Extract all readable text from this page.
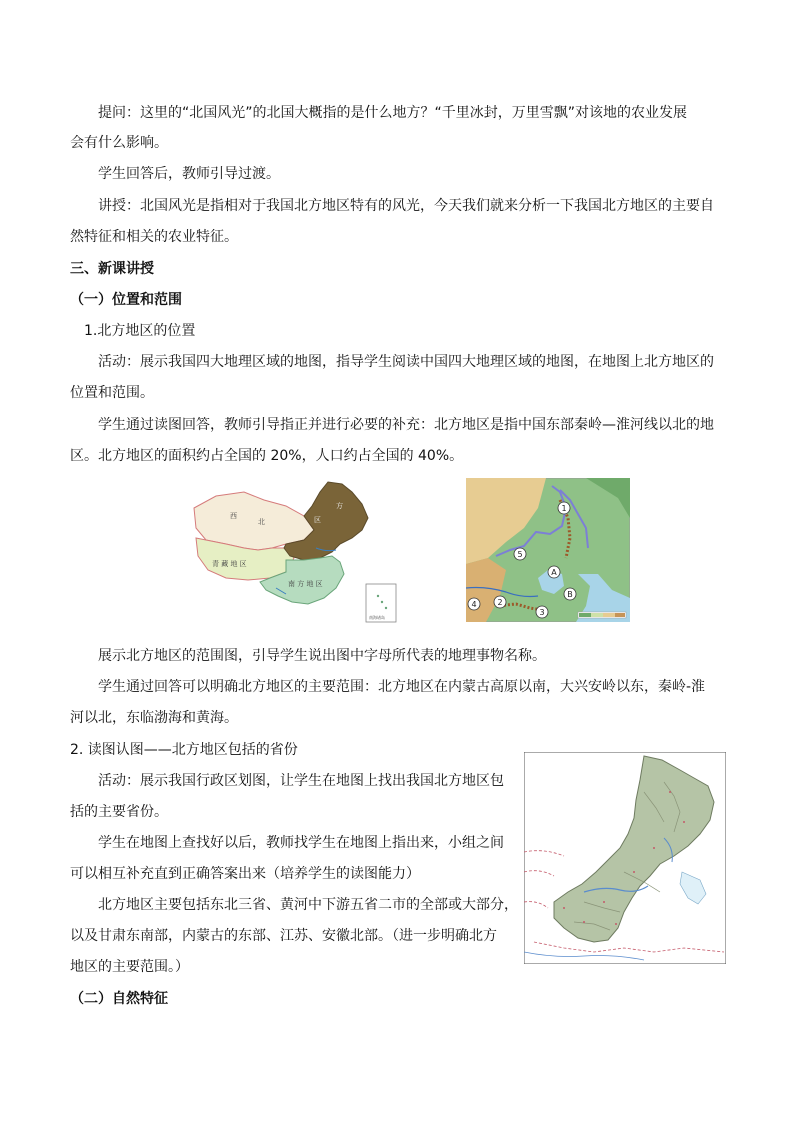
提问：这里的“北国风光”的北国大概指的是什么地方？“千里冰封，万里雪飘”对该地的农业发展
会有什么影响。
学生回答后，教师引导过渡。
讲授：北国风光是指相对于我国北方地区特有的风光，今天我们就来分析一下我国北方地区的主要自
然特征和相关的农业特征。
三、新课讲授
（一）位置和范围
1.北方地区的位置
活动：展示我国四大地理区域的地图，指导学生阅读中国四大地理区域的地图，在地图上北方地区的
位置和范围。
学生通过读图回答，教师引导指正并进行必要的补充：北方地区是指中国东部秦岭—淮河线以北的地
区。北方地区的面积约占全国的 20%，人口约占全国的 40%。
西
北	区
青 藏 地 区
南 方 地 区
方
南海诸岛
1
5
A
B
2
3
4
展示北方地区的范围图，引导学生说出图中字母所代表的地理事物名称。
学生通过回答可以明确北方地区的主要范围：北方地区在内蒙古高原以南，大兴安岭以东，秦岭-淮
河以北，东临渤海和黄海。
2. 读图认图——北方地区包括的省份
活动：展示我国行政区划图，让学生在地图上找出我国北方地区包
括的主要省份。
学生在地图上查找好以后，教师找学生在地图上指出来，小组之间
可以相互补充直到正确答案出来（培养学生的读图能力）
北方地区主要包括东北三省、黄河中下游五省二市的全部或大部分，
以及甘肃东南部，内蒙古的东部、江苏、安徽北部。（进一步明确北方
地区的主要范围。）
（二）自然特征
